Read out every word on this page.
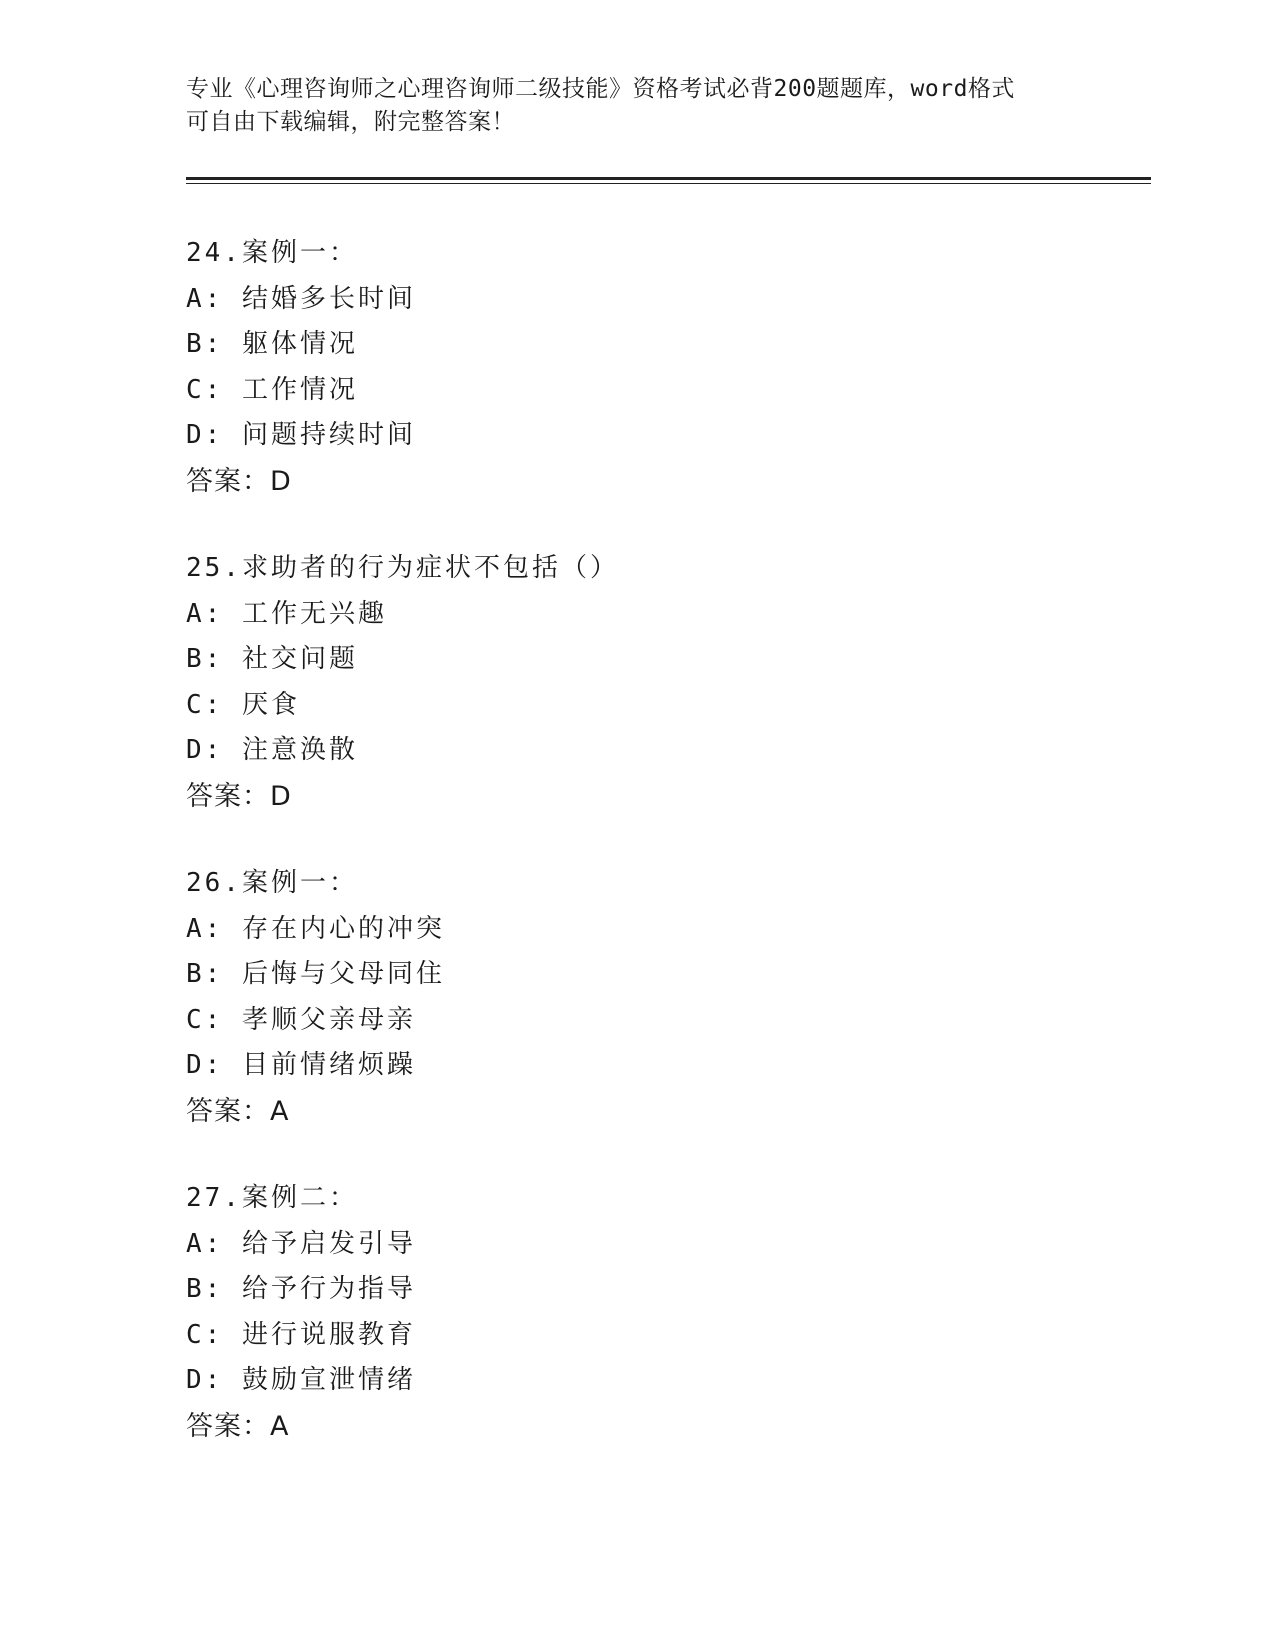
专业《心理咨询师之心理咨询师二级技能》资格考试必背200题题库，word格式
可自由下载编辑，附完整答案！
24.案例一：
A: 结婚多长时间
B: 躯体情况
C: 工作情况
D: 问题持续时间
答案：D
25.求助者的行为症状不包括（）
A: 工作无兴趣
B: 社交问题
C: 厌食
D: 注意涣散
答案：D
26.案例一：
A: 存在内心的冲突
B: 后悔与父母同住
C: 孝顺父亲母亲
D: 目前情绪烦躁
答案：A
27.案例二：
A: 给予启发引导
B: 给予行为指导
C: 进行说服教育
D: 鼓励宣泄情绪
答案：A
